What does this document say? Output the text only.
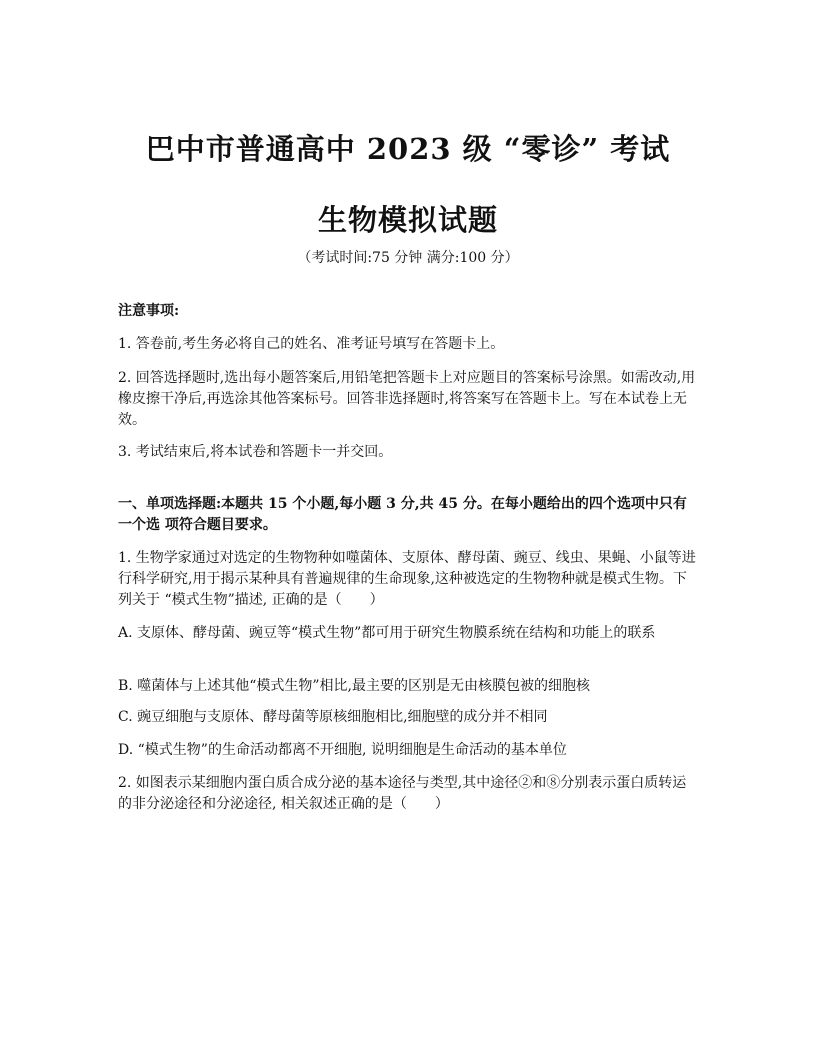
巴中市普通高中 2023 级 “零诊” 考试
生物模拟试题
（考试时间:75 分钟 满分:100 分）
注意事项:
1. 答卷前,考生务必将自己的姓名、准考证号填写在答题卡上。
2. 回答选择题时,选出每小题答案后,用铅笔把答题卡上对应题目的答案标号涂黑。如需改动,用橡皮擦干净后,再选涂其他答案标号。回答非选择题时,将答案写在答题卡上。写在本试卷上无效。
3. 考试结束后,将本试卷和答题卡一并交回。
一、单项选择题:本题共 15 个小题,每小题 3 分,共 45 分。在每小题给出的四个选项中只有一个选 项符合题目要求。
1. 生物学家通过对选定的生物物种如噬菌体、支原体、酵母菌、豌豆、线虫、果蝇、小鼠等进行科学研究,用于揭示某种具有普遍规律的生命现象,这种被选定的生物物种就是模式生物。下列关于 “模式生物”描述, 正确的是（　　）
A. 支原体、酵母菌、豌豆等“模式生物”都可用于研究生物膜系统在结构和功能上的联系
B. 噬菌体与上述其他“模式生物”相比,最主要的区别是无由核膜包被的细胞核
C. 豌豆细胞与支原体、酵母菌等原核细胞相比,细胞壁的成分并不相同
D. “模式生物”的生命活动都离不开细胞, 说明细胞是生命活动的基本单位
2. 如图表示某细胞内蛋白质合成分泌的基本途径与类型,其中途径②和⑧分别表示蛋白质转运的非分泌途径和分泌途径, 相关叙述正确的是（　　）
